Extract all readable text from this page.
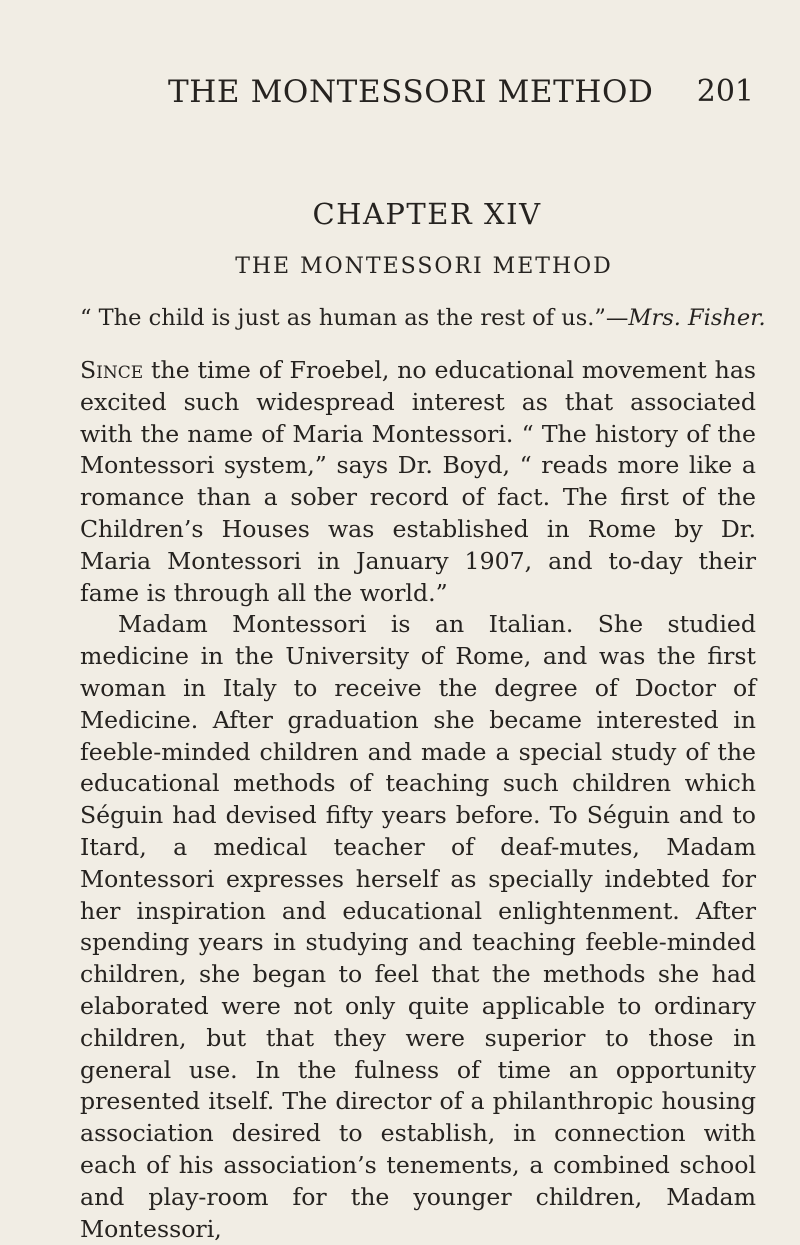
THE MONTESSORI METHOD 201
CHAPTER XIV
THE MONTESSORI METHOD
“ The child is just as human as the rest of us.”—Mrs. Fisher.

Since the time of Froebel, no educational movement has excited such widespread interest as that associated with the name of Maria Montessori. “ The history of the Montessori system,” says Dr. Boyd, “ reads more like a romance than a sober record of fact. The first of the Children’s Houses was established in Rome by Dr. Maria Montessori in January 1907, and to-day their fame is through all the world.”

Madam Montessori is an Italian. She studied medicine in the University of Rome, and was the first woman in Italy to receive the degree of Doctor of Medicine. After graduation she became interested in feeble-minded children and made a special study of the educational methods of teaching such children which Séguin had devised fifty years before. To Séguin and to Itard, a medical teacher of deaf-mutes, Madam Montessori expresses herself as specially indebted for her inspiration and educational enlightenment. After spending years in studying and teaching feeble-minded children, she began to feel that the methods she had elaborated were not only quite applicable to ordinary children, but that they were superior to those in general use. In the fulness of time an opportunity presented itself. The director of a philanthropic housing association desired to establish, in connection with each of his association’s tenements, a combined school and play-room for the younger children, Madam Montessori,
